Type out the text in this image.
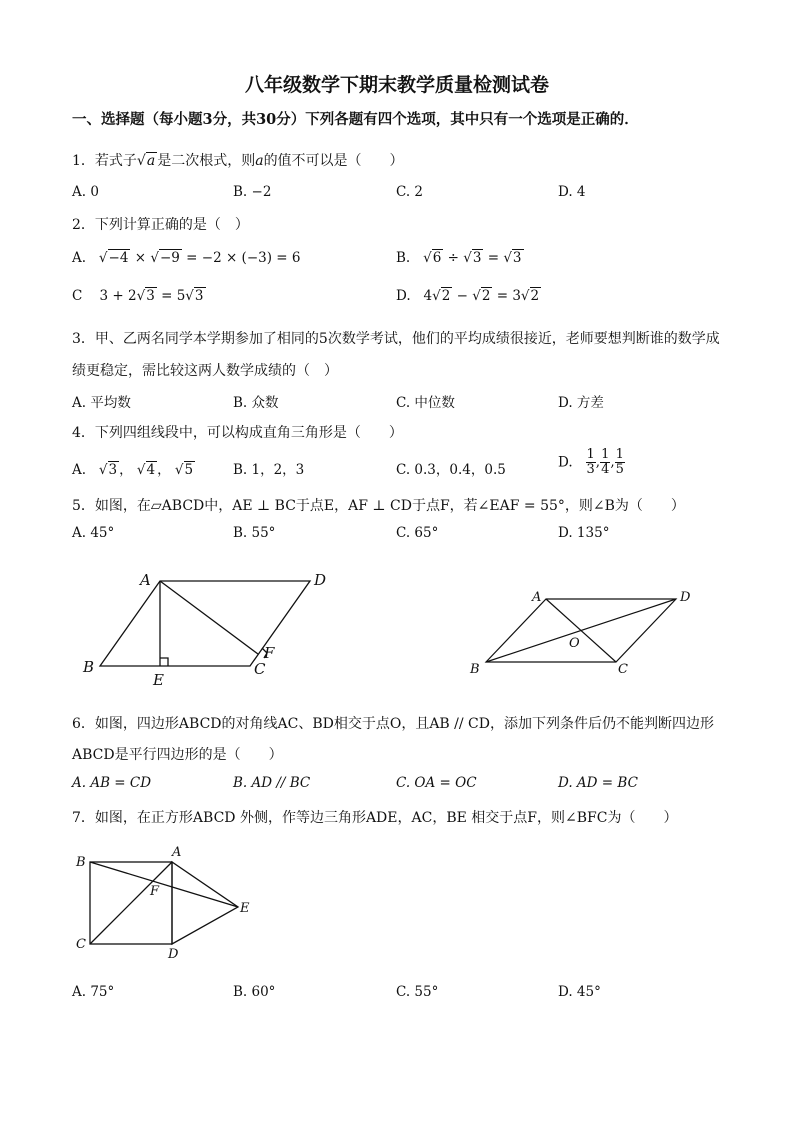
八年级数学下期末教学质量检测试卷
一、选择题（每小题3分，共30分）下列各题有四个选项，其中只有一个选项是正确的．
1．若式子√a 是二次根式，则a的值不可以是（　　）
A. 0	B. −2	C. 2	D. 4
2．下列计算正确的是（　）
A. √−4 × √−9 = −2 × (−3) = 6	B. √6 ÷ √3 = √3
C 3 + 2√3 = 5√3	D. 4√2 − √2 = 3√2
3．甲、乙两名同学本学期参加了相同的5次数学考试，他们的平均成绩很接近，老师要想判断谁的数学成
绩更稳定，需比较这两人数学成绩的（　）
A. 平均数	B. 众数	C. 中位数	D. 方差
4．下列四组线段中，可以构成直角三角形是（　　）
A. √3 ， √4 ， √5	B. 1，2，3	C. 0.3，0.4，0.5	D. $\frac{1}{3}$ , $\frac{1}{4}$ , $\frac{1}{5}$
5．如图，在▱ABCD中，AE ⊥ BC于点E，AF ⊥ CD于点F，若∠EAF = 55°，则∠B为（　　）
A. 45°	B. 55°	C. 65°	D. 135°
A
B	C
D
E
F
A
B	C
D
O
6．如图，四边形ABCD的对角线AC、BD相交于点O，且AB // CD，添加下列条件后仍不能判断四边形
ABCD是平行四边形的是（　　）
A. AB = CD	B. AD // BC	C. OA = OC	D. AD = BC
7．如图，在正方形ABCD 外侧，作等边三角形ADE，AC，BE 相交于点F，则∠BFC为（　　）
A
B
C
D
E
F
A. 75°	B. 60°	C. 55°	D. 45°
